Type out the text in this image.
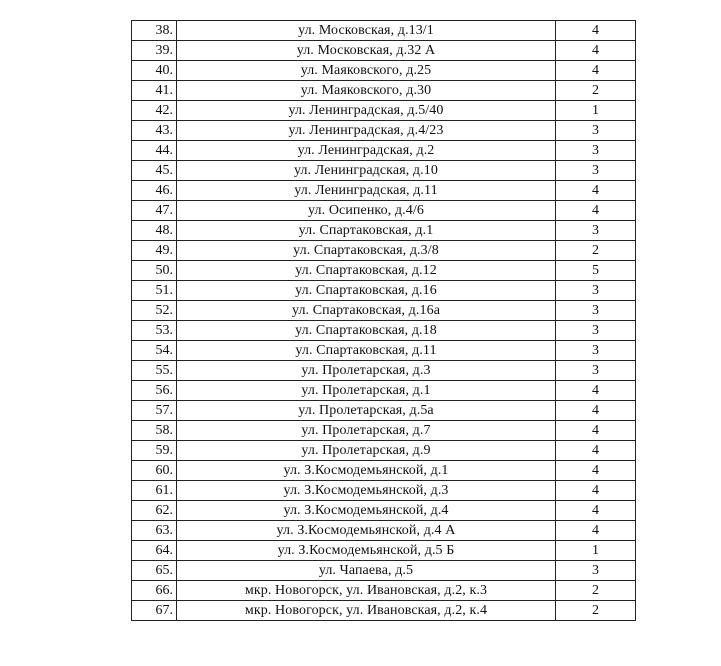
38.	ул. Московская, д.13/1	4
39.	ул. Московская, д.32 А	4
40.	ул. Маяковского, д.25	4
41.	ул. Маяковского, д.30	2
42.	ул. Ленинградская, д.5/40	1
43.	ул. Ленинградская, д.4/23	3
44.	ул. Ленинградская, д.2	3
45.	ул. Ленинградская, д.10	3
46.	ул. Ленинградская, д.11	4
47.	ул. Осипенко, д.4/6	4
48.	ул. Спартаковская, д.1	3
49.	ул. Спартаковская, д.3/8	2
50.	ул. Спартаковская, д.12	5
51.	ул. Спартаковская, д.16	3
52.	ул. Спартаковская, д.16а	3
53.	ул. Спартаковская, д.18	3
54.	ул. Спартаковская, д.11	3
55.	ул. Пролетарская, д.3	3
56.	ул. Пролетарская, д.1	4
57.	ул. Пролетарская, д.5а	4
58.	ул. Пролетарская, д.7	4
59.	ул. Пролетарская, д.9	4
60.	ул. З.Космодемьянской, д.1	4
61.	ул. З.Космодемьянской, д.3	4
62.	ул. З.Космодемьянской, д.4	4
63.	ул. З.Космодемьянской, д.4 А	4
64.	ул. З.Космодемьянской, д.5 Б	1
65.	ул. Чапаева, д.5	3
66.	мкр. Новогорск, ул. Ивановская, д.2, к.3	2
67.	мкр. Новогорск, ул. Ивановская, д.2, к.4	2
